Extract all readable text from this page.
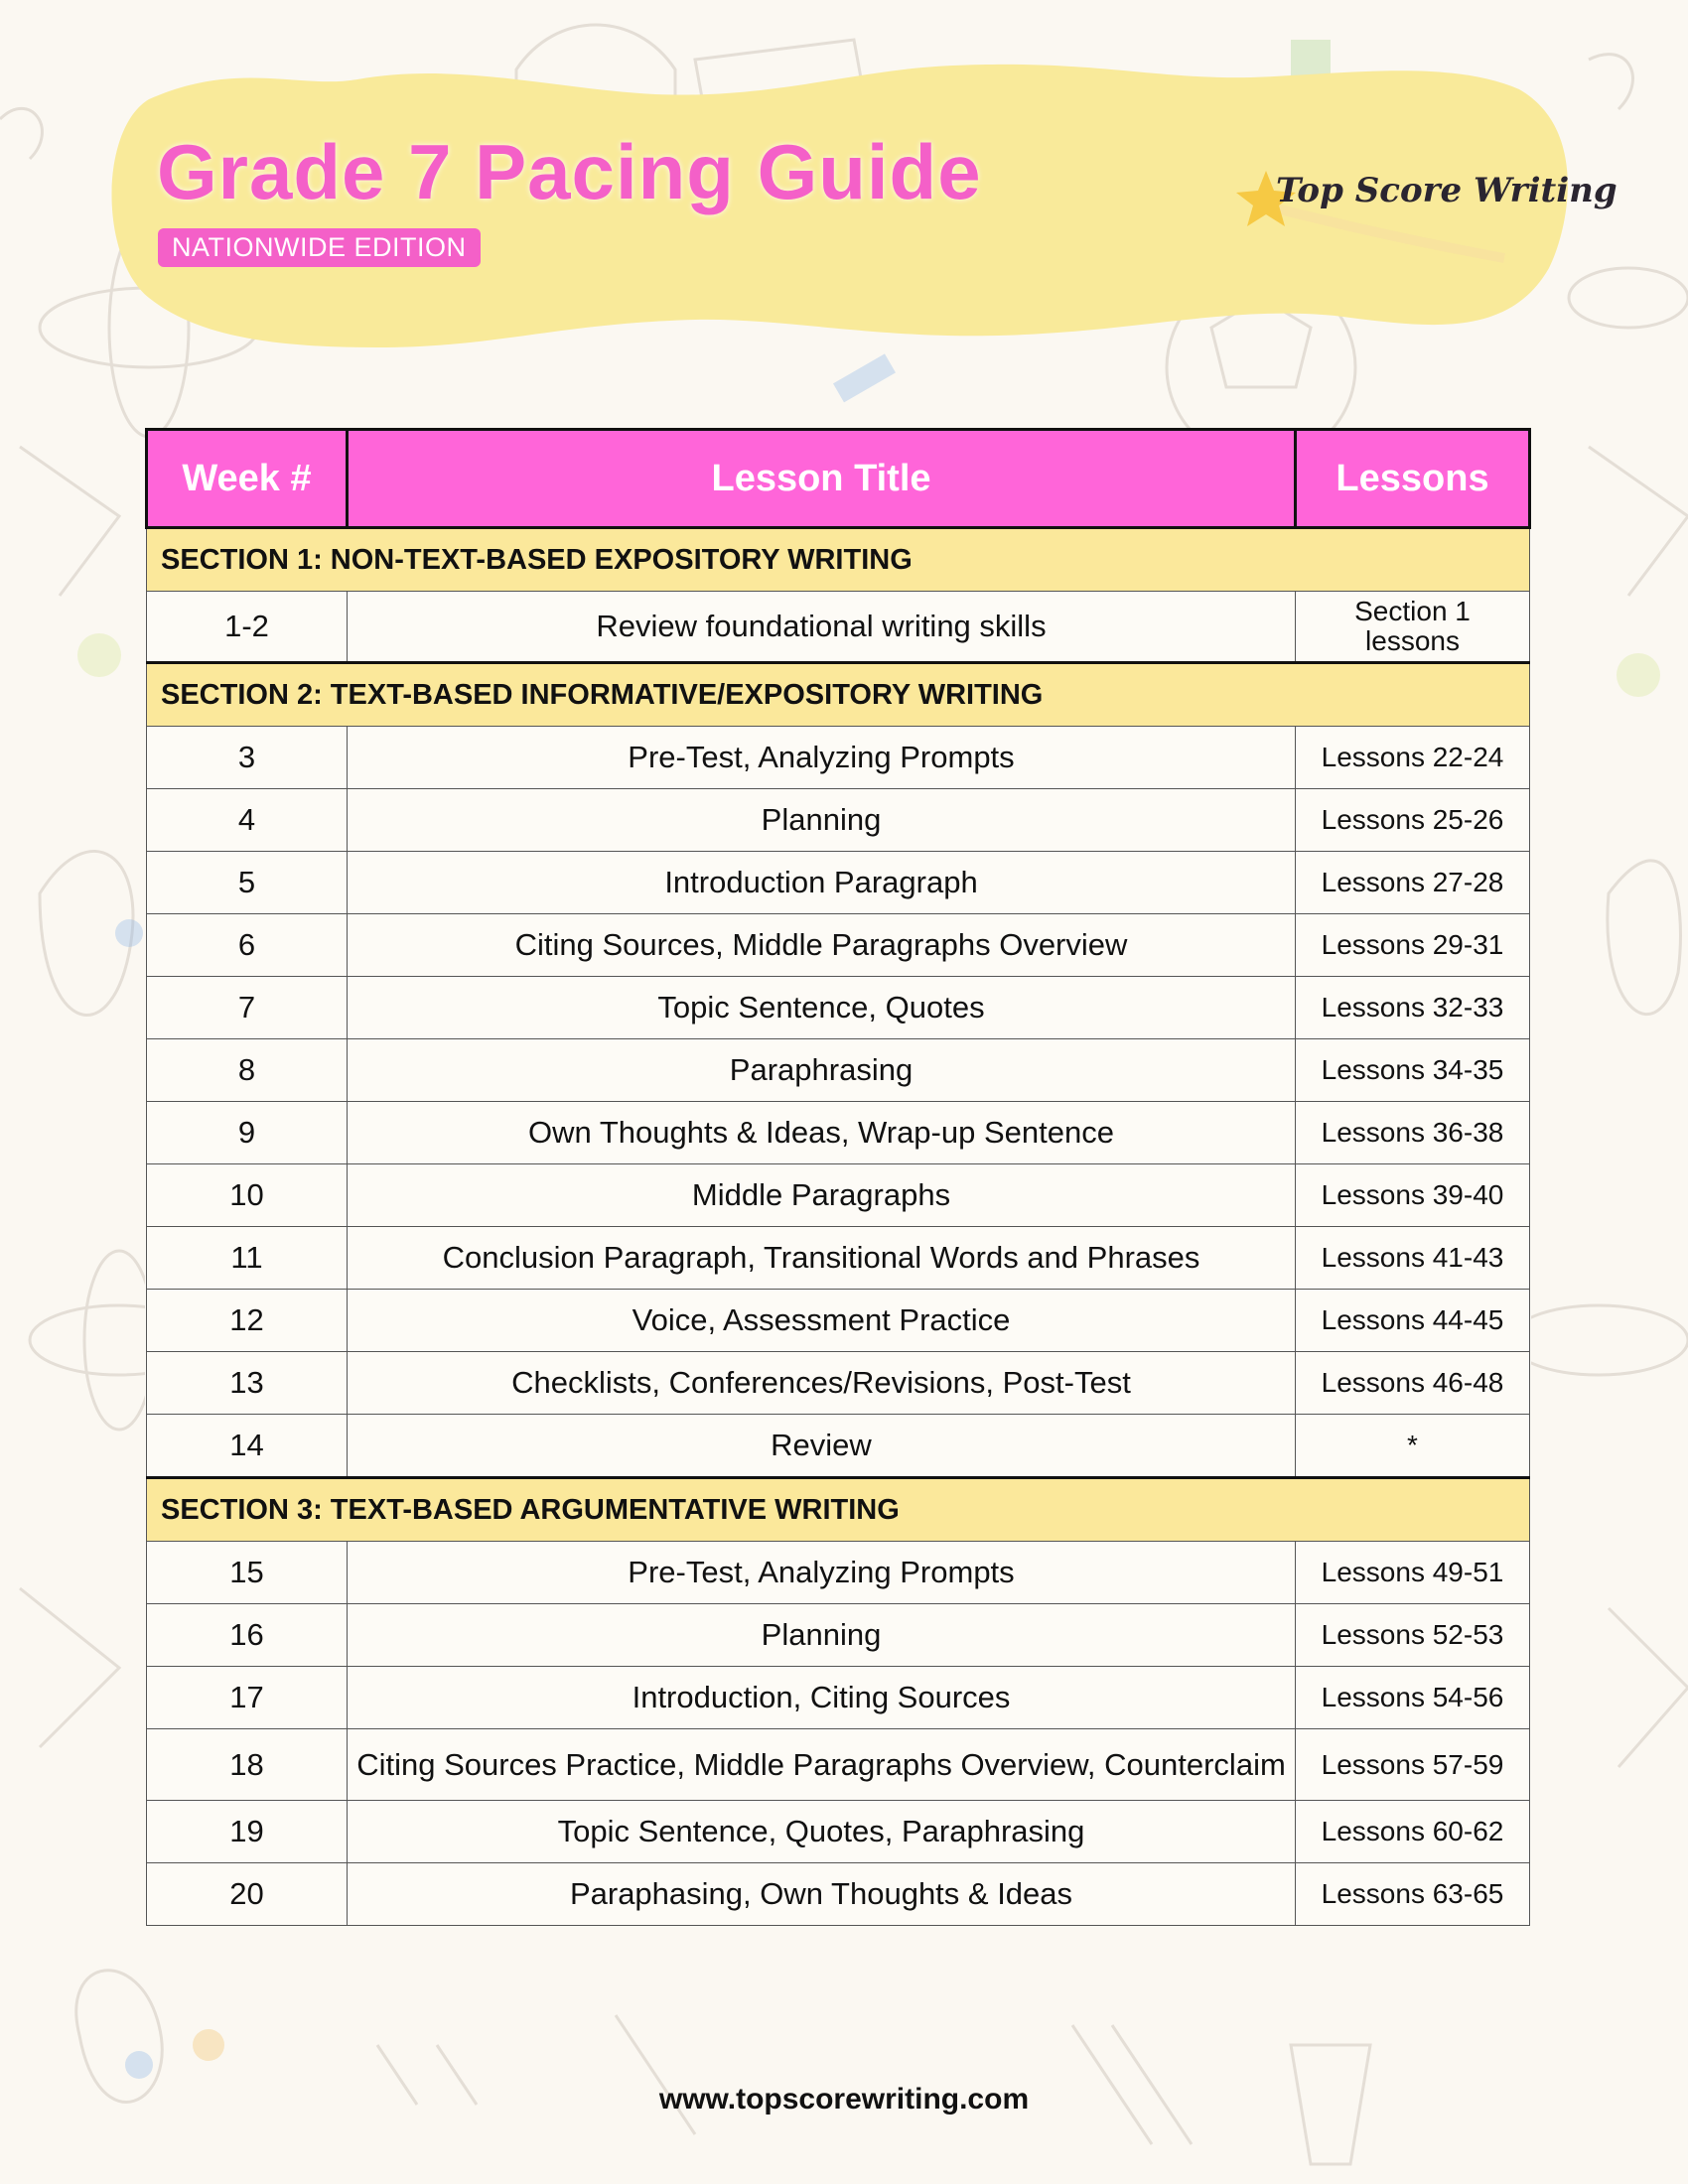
Grade 7 Pacing Guide
NATIONWIDE EDITION
Top Score Writing
Week #	Lesson Title	Lessons
SECTION 1: NON-TEXT-BASED EXPOSITORY WRITING		
1-2	Review foundational writing skills	Section 1 lessons
SECTION 2: TEXT-BASED INFORMATIVE/EXPOSITORY WRITING		
3	Pre-Test, Analyzing Prompts	Lessons 22-24
4	Planning	Lessons 25-26
5	Introduction Paragraph	Lessons 27-28
6	Citing Sources, Middle Paragraphs Overview	Lessons 29-31
7	Topic Sentence, Quotes	Lessons 32-33
8	Paraphrasing	Lessons 34-35
9	Own Thoughts & Ideas, Wrap-up Sentence	Lessons 36-38
10	Middle Paragraphs	Lessons 39-40
11	Conclusion Paragraph, Transitional Words and Phrases	Lessons 41-43
12	Voice, Assessment Practice	Lessons 44-45
13	Checklists, Conferences/Revisions, Post-Test	Lessons 46-48
14	Review	*
SECTION 3: TEXT-BASED ARGUMENTATIVE WRITING		
15	Pre-Test, Analyzing Prompts	Lessons 49-51
16	Planning	Lessons 52-53
17	Introduction, Citing Sources	Lessons 54-56
18	Citing Sources Practice, Middle Paragraphs Overview, Counterclaim	Lessons 57-59
19	Topic Sentence, Quotes, Paraphrasing	Lessons 60-62
20	Paraphasing, Own Thoughts & Ideas	Lessons 63-65
www.topscorewriting.com
